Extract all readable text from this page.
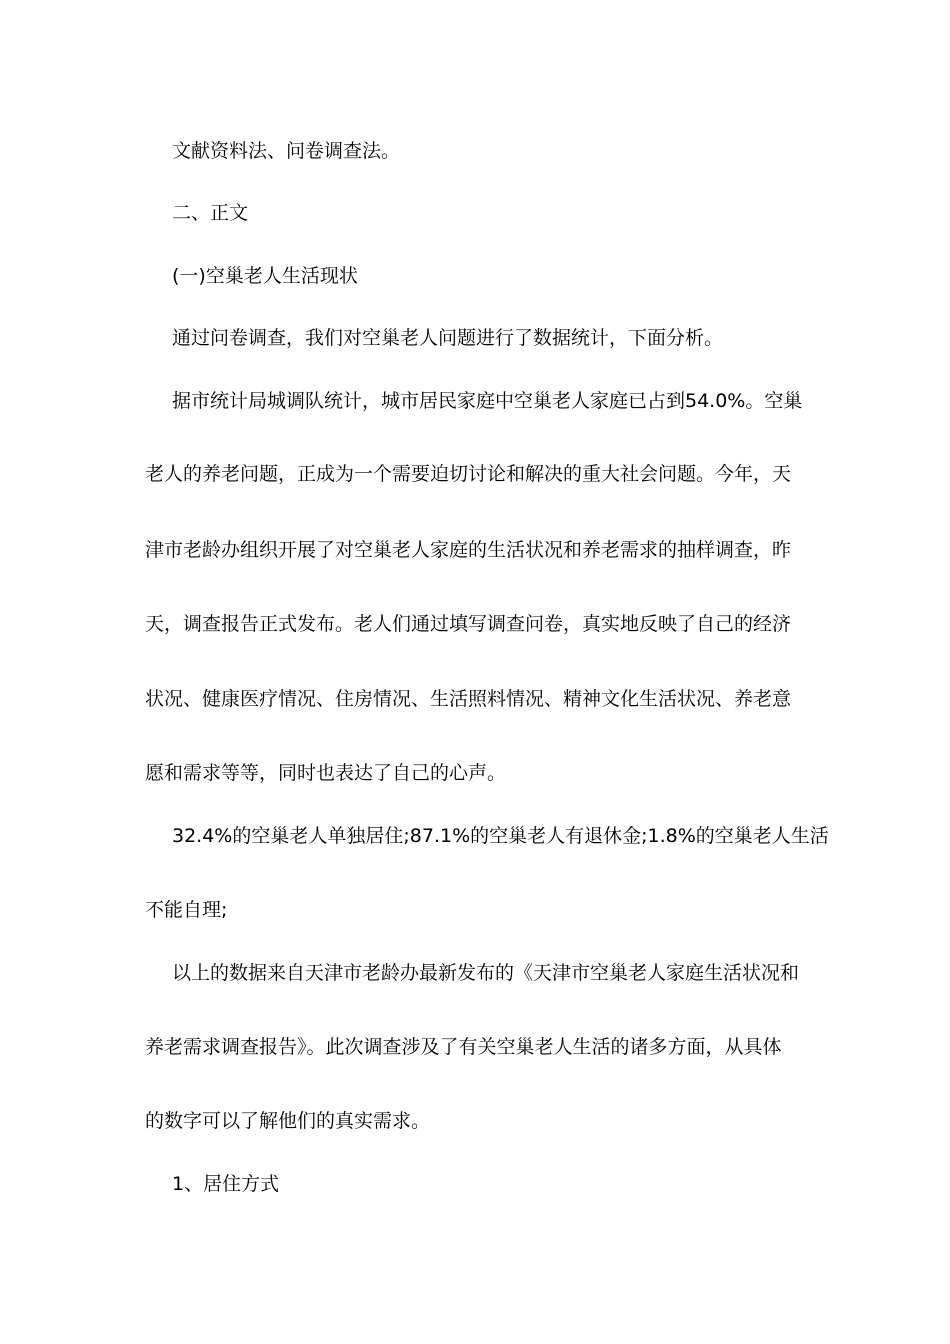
文献资料法、问卷调查法。
二、正文
(一)空巢老人生活现状
通过问卷调查，我们对空巢老人问题进行了数据统计，下面分析。
据市统计局城调队统计，城市居民家庭中空巢老人家庭已占到54.0%。空巢
老人的养老问题，正成为一个需要迫切讨论和解决的重大社会问题。今年，天
津市老龄办组织开展了对空巢老人家庭的生活状况和养老需求的抽样调查，昨
天，调查报告正式发布。老人们通过填写调查问卷，真实地反映了自己的经济
状况、健康医疗情况、住房情况、生活照料情况、精神文化生活状况、养老意
愿和需求等等，同时也表达了自己的心声。
32.4%的空巢老人单独居住;87.1%的空巢老人有退休金;1.8%的空巢老人生活
不能自理;
以上的数据来自天津市老龄办最新发布的《天津市空巢老人家庭生活状况和
养老需求调查报告》。此次调查涉及了有关空巢老人生活的诸多方面，从具体
的数字可以了解他们的真实需求。
1、居住方式
